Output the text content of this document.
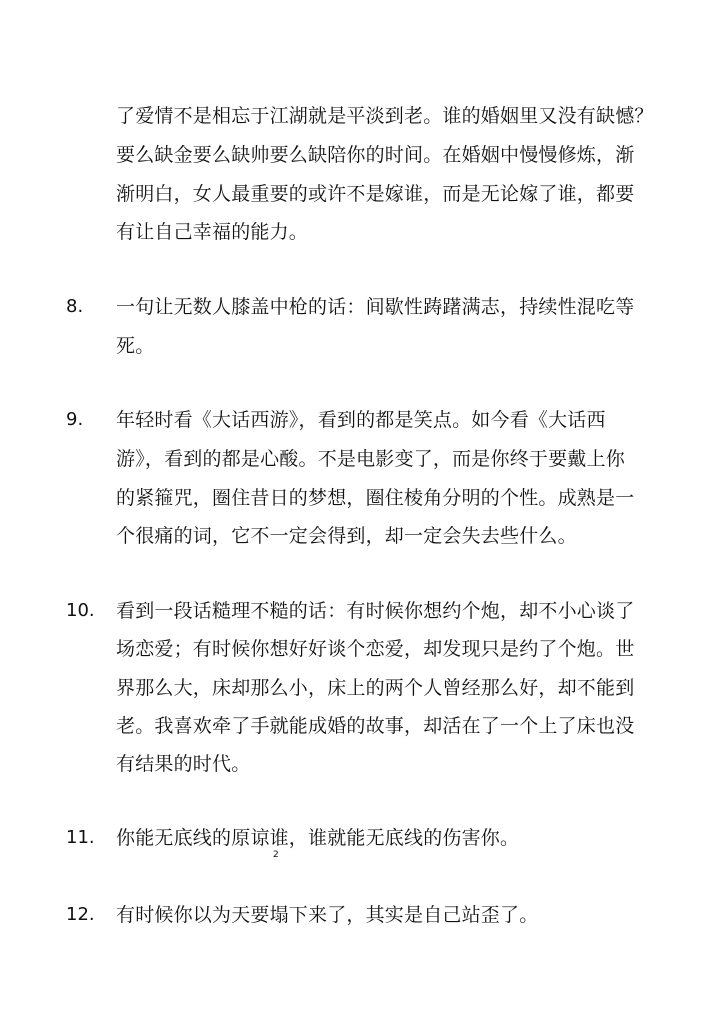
了爱情不是相忘于江湖就是平淡到老。谁的婚姻里又没有缺憾？
要么缺金要么缺帅要么缺陪你的时间。在婚姻中慢慢修炼，渐
渐明白，女人最重要的或许不是嫁谁，而是无论嫁了谁，都要
有让自己幸福的能力。
8. 一句让无数人膝盖中枪的话：间歇性踌躇满志，持续性混吃等
死。
9. 年轻时看《大话西游》，看到的都是笑点。如今看《大话西
游》，看到的都是心酸。不是电影变了，而是你终于要戴上你
的紧箍咒，圈住昔日的梦想，圈住棱角分明的个性。成熟是一
个很痛的词，它不一定会得到，却一定会失去些什么。
10. 看到一段话糙理不糙的话：有时候你想约个炮，却不小心谈了
场恋爱；有时候你想好好谈个恋爱，却发现只是约了个炮。世
界那么大，床却那么小，床上的两个人曾经那么好，却不能到
老。我喜欢牵了手就能成婚的故事，却活在了一个上了床也没
有结果的时代。
11. 你能无底线的原谅谁，谁就能无底线的伤害你。
2
12. 有时候你以为天要塌下来了，其实是自己站歪了。
